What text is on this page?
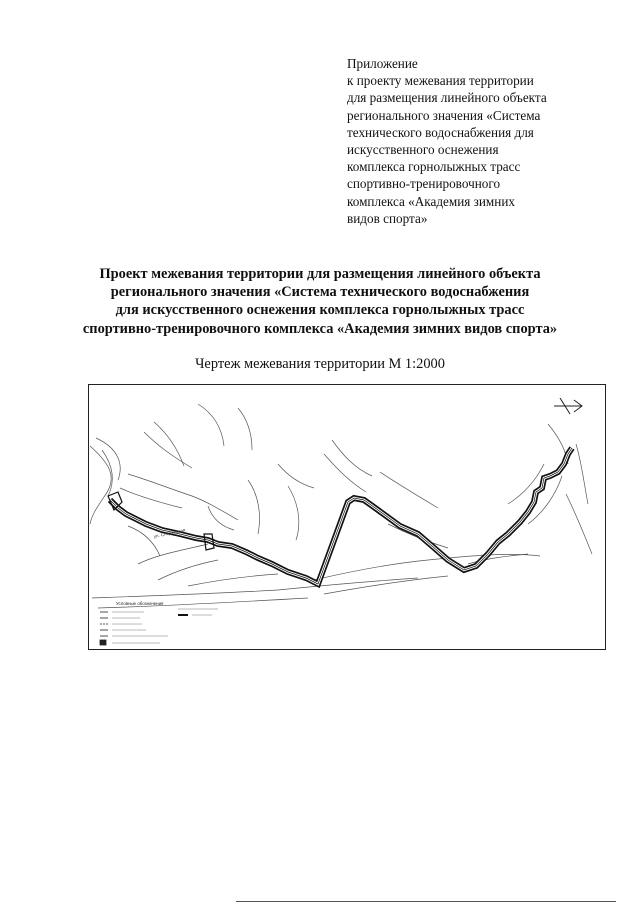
Приложение
к проекту межевания территории
для размещения линейного объекта
регионального значения «Система
технического водоснабжения для
искусственного оснежения
комплекса горнолыжных трасс
спортивно-тренировочного
комплекса «Академия зимних
видов спорта»
Проект межевания территории для размещения линейного объекта
регионального значения «Система технического водоснабжения
для искусственного оснежения комплекса горнолыжных трасс
спортивно-тренировочного комплекса «Академия зимних видов спорта»
Чертеж межевания территории М 1:2000
ул. Спортивная
Условные обозначения
